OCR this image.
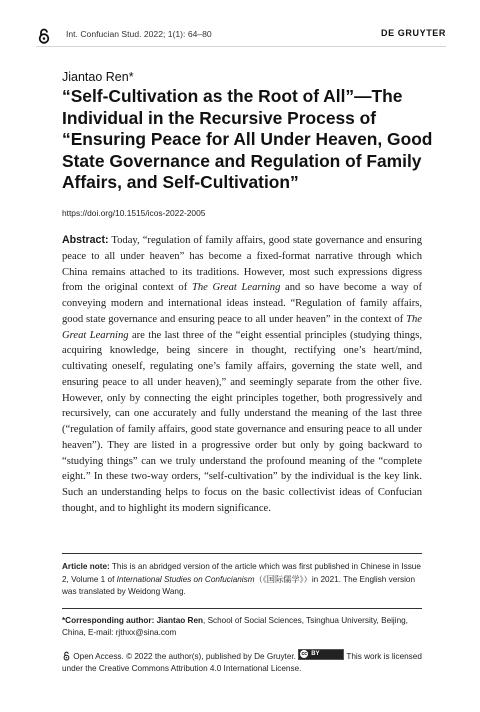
Int. Confucian Stud. 2022; 1(1): 64–80	DE GRUYTER
Jiantao Ren*
“Self-Cultivation as the Root of All”—The Individual in the Recursive Process of “Ensuring Peace for All Under Heaven, Good State Governance and Regulation of Family Affairs, and Self-Cultivation”
https://doi.org/10.1515/icos-2022-2005

Abstract: Today, “regulation of family affairs, good state governance and ensuring peace to all under heaven” has become a fixed-format narrative through which China remains attached to its traditions. However, most such expressions digress from the original context of The Great Learning and so have become a way of conveying modern and international ideas instead. “Regulation of family affairs, good state governance and ensuring peace to all under heaven” in the context of The Great Learning are the last three of the “eight essential principles (studying things, acquiring knowledge, being sincere in thought, rectifying one’s heart/mind, cultivating oneself, regulating one’s family affairs, governing the state well, and ensuring peace to all under heaven),” and seemingly separate from the other five. However, only by connecting the eight principles together, both progressively and recursively, can one accurately and fully understand the meaning of the last three (“regulation of family affairs, good state governance and ensuring peace to all under heaven”). They are listed in a progressive order but only by going backward to “studying things” can we truly understand the profound meaning of the “complete eight.” In these two-way orders, “self-cultivation” by the individual is the key link. Such an understanding helps to focus on the basic collectivist ideas of Confucian thought, and to highlight its modern significance.

Article note: This is an abridged version of the article which was first published in Chinese in Issue 2, Volume 1 of International Studies on Confucianism（《国际儒学》）in 2021. The English version was translated by Weidong Wang.

*Corresponding author: Jiantao Ren, School of Social Sciences, Tsinghua University, Beijing, China, E-mail: rjthxx@sina.com

Open Access. © 2022 the author(s), published by De Gruyter. cc BY	This work is licensed under the Creative Commons Attribution 4.0 International License.
